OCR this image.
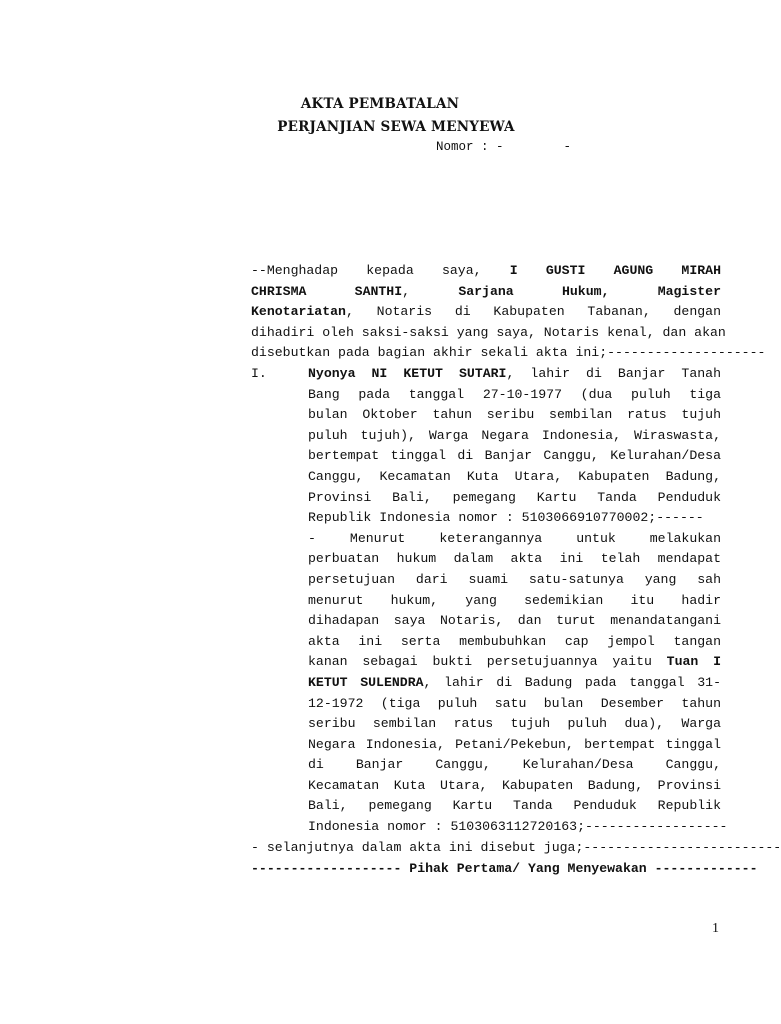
AKTA PEMBATALAN
PERJANJIAN SEWA MENYEWA
Nomor : -        -
--Menghadap kepada saya, I GUSTI AGUNG MIRAH
CHRISMA	SANTHI,	Sarjana Hukum,	Magister
Kenotariatan, Notaris di Kabupaten Tabanan, dengan
dihadiri oleh saksi-saksi yang saya, Notaris kenal, dan akan
disebutkan pada bagian akhir sekali akta ini;--------------------
I.	Nyonya NI KETUT SUTARI, lahir di Banjar Tanah
Bang pada tanggal 27-10-1977 (dua puluh tiga
bulan Oktober tahun seribu sembilan ratus tujuh
puluh tujuh), Warga Negara Indonesia, Wiraswasta,
bertempat tinggal di Banjar Canggu, Kelurahan/Desa
Canggu, Kecamatan Kuta Utara, Kabupaten Badung,
Provinsi Bali, pemegang Kartu Tanda Penduduk
Republik Indonesia nomor : 5103066910770002;------
- Menurut keterangannya untuk melakukan
perbuatan hukum dalam akta ini telah mendapat
persetujuan dari suami satu-satunya yang sah
menurut hukum, yang sedemikian itu hadir
dihadapan saya Notaris, dan turut menandatangani
akta ini serta membubuhkan cap jempol tangan
kanan sebagai bukti persetujuannya yaitu Tuan I
KETUT SULENDRA, lahir di Badung pada tanggal 31-
12-1972 (tiga puluh satu bulan Desember tahun
seribu sembilan ratus tujuh puluh dua), Warga
Negara Indonesia, Petani/Pekebun, bertempat tinggal
di Banjar Canggu, Kelurahan/Desa Canggu,
Kecamatan Kuta Utara, Kabupaten Badung, Provinsi
Bali, pemegang Kartu Tanda Penduduk Republik
Indonesia nomor : 5103063112720163;------------------
- selanjutnya dalam akta ini disebut juga;-------------------------
------------------- Pihak Pertama/ Yang Menyewakan -------------
1
